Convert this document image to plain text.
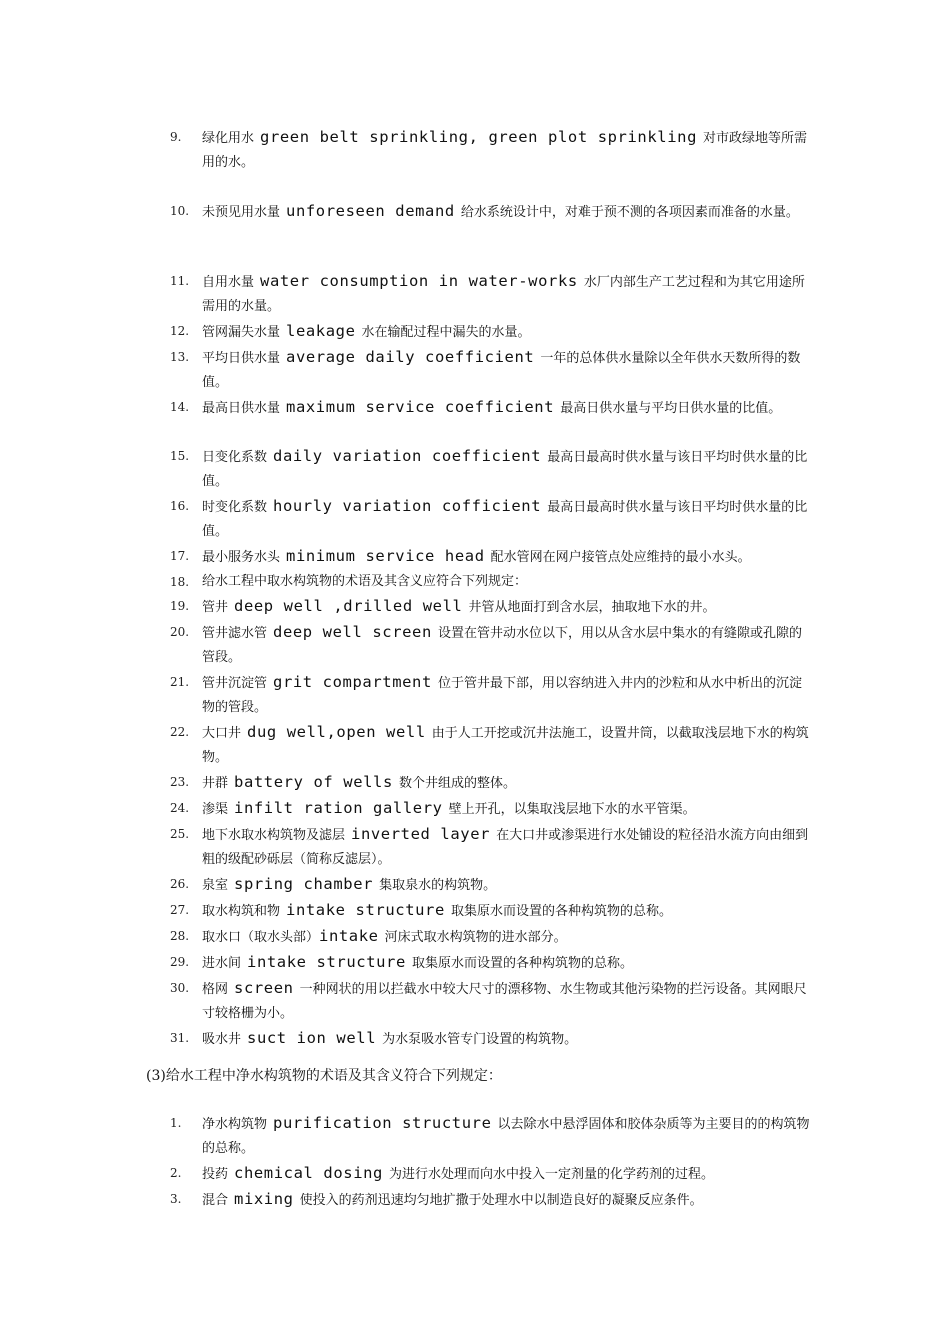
9. 绿化用水 green belt sprinkling, green plot sprinkling 对市政绿地等所需用的水。
10. 未预见用水量 unforeseen demand 给水系统设计中，对难于预不测的各项因素而准备的水量。
11. 自用水量 water consumption in water-works 水厂内部生产工艺过程和为其它用途所需用的水量。
12. 管网漏失水量 leakage 水在输配过程中漏失的水量。
13. 平均日供水量 average daily coefficient 一年的总体供水量除以全年供水天数所得的数值。
14. 最高日供水量 maximum service coefficient 最高日供水量与平均日供水量的比值。
15. 日变化系数 daily variation coefficient 最高日最高时供水量与该日平均时供水量的比值。
16. 时变化系数 hourly variation cofficient 最高日最高时供水量与该日平均时供水量的比值。
17. 最小服务水头 minimum service head 配水管网在网户接管点处应维持的最小水头。
18. 给水工程中取水构筑物的术语及其含义应符合下列规定：
19. 管井 deep well ,drilled well 井管从地面打到含水层，抽取地下水的井。
20. 管井滤水管 deep well screen 设置在管井动水位以下，用以从含水层中集水的有缝隙或孔隙的管段。
21. 管井沉淀管 grit compartment 位于管井最下部，用以容纳进入井内的沙粒和从水中析出的沉淀物的管段。
22. 大口井 dug well,open well 由于人工开挖或沉井法施工，设置井筒，以截取浅层地下水的构筑物。
23. 井群 battery of wells 数个井组成的整体。
24. 渗渠 infilt ration gallery 壁上开孔，以集取浅层地下水的水平管渠。
25. 地下水取水构筑物及滤层 inverted layer 在大口井或渗渠进行水处铺设的粒径沿水流方向由细到粗的级配砂砾层（简称反滤层）。
26. 泉室 spring chamber 集取泉水的构筑物。
27. 取水构筑和物 intake structure 取集原水而设置的各种构筑物的总称。
28. 取水口（取水头部）intake 河床式取水构筑物的进水部分。
29. 进水间 intake structure 取集原水而设置的各种构筑物的总称。
30. 格网 screen 一种网状的用以拦截水中较大尺寸的漂移物、水生物或其他污染物的拦污设备。其网眼尺寸较格栅为小。
31. 吸水井 suct ion well 为水泵吸水管专门设置的构筑物。
(3)给水工程中净水构筑物的术语及其含义符合下列规定：
1. 净水构筑物 purification structure 以去除水中悬浮固体和胶体杂质等为主要目的的构筑物的总称。
2. 投药 chemical dosing 为进行水处理而向水中投入一定剂量的化学药剂的过程。
3. 混合 mixing 使投入的药剂迅速均匀地扩撒于处理水中以制造良好的凝聚反应条件。
